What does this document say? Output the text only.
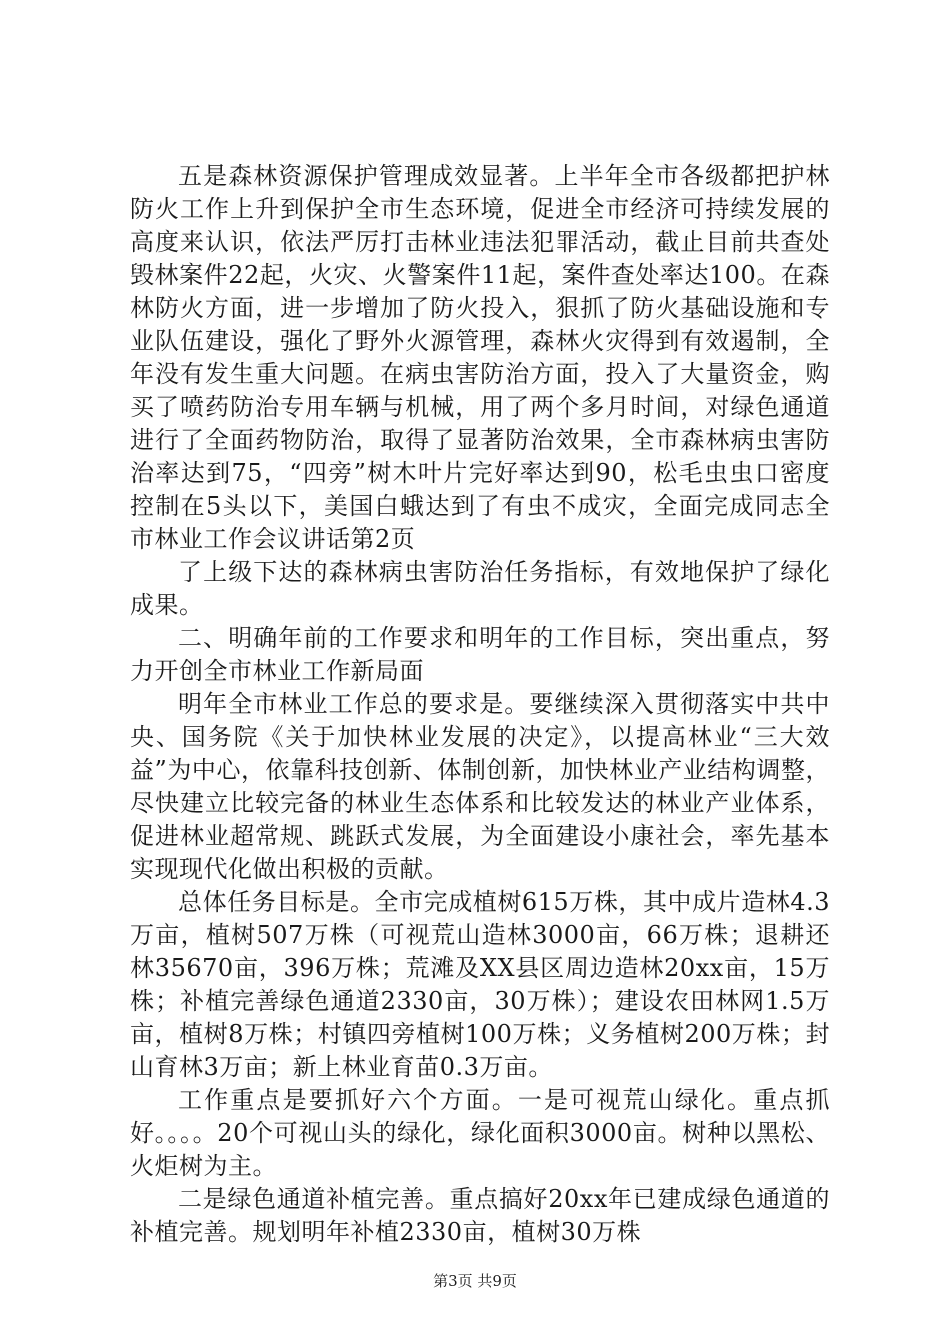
五是森林资源保护管理成效显著。上半年全市各级都把护林防火工作上升到保护全市生态环境，促进全市经济可持续发展的高度来认识，依法严厉打击林业违法犯罪活动，截止目前共查处毁林案件22起，火灾、火警案件11起，案件查处率达100。在森林防火方面，进一步增加了防火投入，狠抓了防火基础设施和专业队伍建设，强化了野外火源管理，森林火灾得到有效遏制，全年没有发生重大问题。在病虫害防治方面，投入了大量资金，购买了喷药防治专用车辆与机械，用了两个多月时间，对绿色通道进行了全面药物防治，取得了显著防治效果，全市森林病虫害防治率达到75，“四旁”树木叶片完好率达到90，松毛虫虫口密度控制在5头以下，美国白蛾达到了有虫不成灾，全面完成同志全市林业工作会议讲话第2页

了上级下达的森林病虫害防治任务指标，有效地保护了绿化成果。

二、明确年前的工作要求和明年的工作目标，突出重点，努力开创全市林业工作新局面

明年全市林业工作总的要求是。要继续深入贯彻落实中共中央、国务院《关于加快林业发展的决定》，以提高林业“三大效益”为中心，依靠科技创新、体制创新，加快林业产业结构调整，尽快建立比较完备的林业生态体系和比较发达的林业产业体系，促进林业超常规、跳跃式发展，为全面建设小康社会，率先基本实现现代化做出积极的贡献。

总体任务目标是。全市完成植树615万株，其中成片造林4.3万亩，植树507万株（可视荒山造林3000亩，66万株；退耕还林35670亩，396万株；荒滩及XX县区周边造林20xx亩，15万株；补植完善绿色通道2330亩，30万株）；建设农田林网1.5万亩，植树8万株；村镇四旁植树100万株；义务植树200万株；封山育林3万亩；新上林业育苗0.3万亩。

工作重点是要抓好六个方面。一是可视荒山绿化。重点抓好。。。。20个可视山头的绿化，绿化面积3000亩。树种以黑松、火炬树为主。

二是绿色通道补植完善。重点搞好20xx年已建成绿色通道的补植完善。规划明年补植2330亩，植树30万株

第3页 共9页
